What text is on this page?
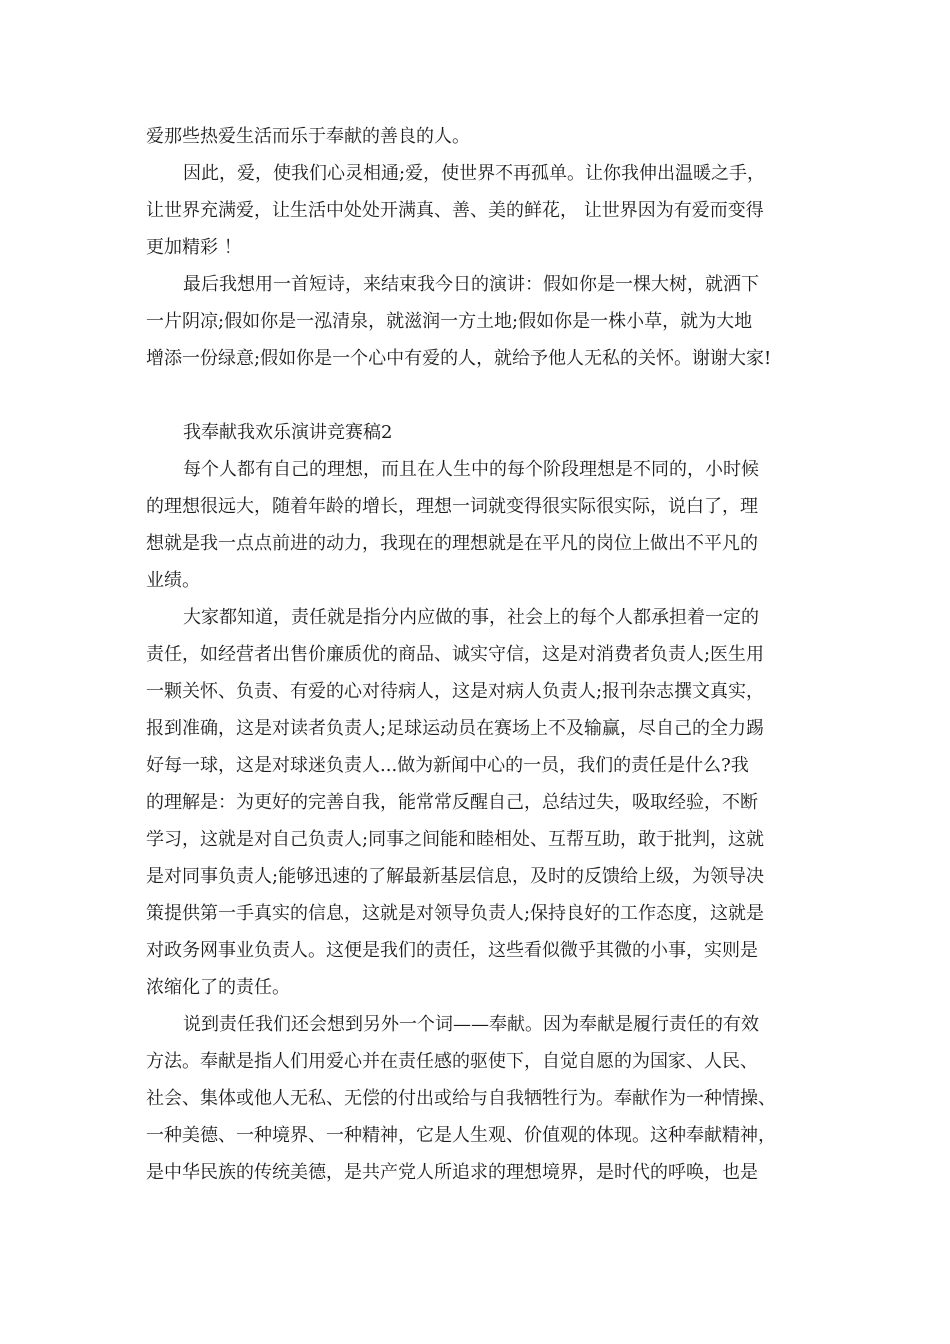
爱那些热爱生活而乐于奉献的善良的人。
因此，爱，使我们心灵相通;爱，使世界不再孤单。让你我伸出温暖之手，
让世界充满爱，让生活中处处开满真、善、美的鲜花， 让世界因为有爱而变得
更加精彩 ！
最后我想用一首短诗，来结束我今日的演讲：假如你是一棵大树，就洒下
一片阴凉;假如你是一泓清泉，就滋润一方土地;假如你是一株小草，就为大地
增添一份绿意;假如你是一个心中有爱的人，就给予他人无私的关怀。谢谢大家!
我奉献我欢乐演讲竞赛稿2
每个人都有自己的理想，而且在人生中的每个阶段理想是不同的，小时候
的理想很远大，随着年龄的增长，理想一词就变得很实际很实际，说白了，理
想就是我一点点前进的动力，我现在的理想就是在平凡的岗位上做出不平凡的
业绩。
大家都知道，责任就是指分内应做的事，社会上的每个人都承担着一定的
责任，如经营者出售价廉质优的商品、诚实守信，这是对消费者负责人;医生用
一颗关怀、负责、有爱的心对待病人，这是对病人负责人;报刊杂志撰文真实，
报到准确，这是对读者负责人;足球运动员在赛场上不及输赢，尽自己的全力踢
好每一球，这是对球迷负责人...做为新闻中心的一员，我们的责任是什么?我
的理解是：为更好的完善自我，能常常反醒自己，总结过失，吸取经验，不断
学习，这就是对自己负责人;同事之间能和睦相处、互帮互助，敢于批判，这就
是对同事负责人;能够迅速的了解最新基层信息，及时的反馈给上级，为领导决
策提供第一手真实的信息，这就是对领导负责人;保持良好的工作态度，这就是
对政务网事业负责人。这便是我们的责任，这些看似微乎其微的小事，实则是
浓缩化了的责任。
说到责任我们还会想到另外一个词——奉献。因为奉献是履行责任的有效
方法。奉献是指人们用爱心并在责任感的驱使下，自觉自愿的为国家、人民、
社会、集体或他人无私、无偿的付出或给与自我牺牲行为。奉献作为一种情操、
一种美德、一种境界、一种精神，它是人生观、价值观的体现。这种奉献精神，
是中华民族的传统美德，是共产党人所追求的理想境界，是时代的呼唤，也是
